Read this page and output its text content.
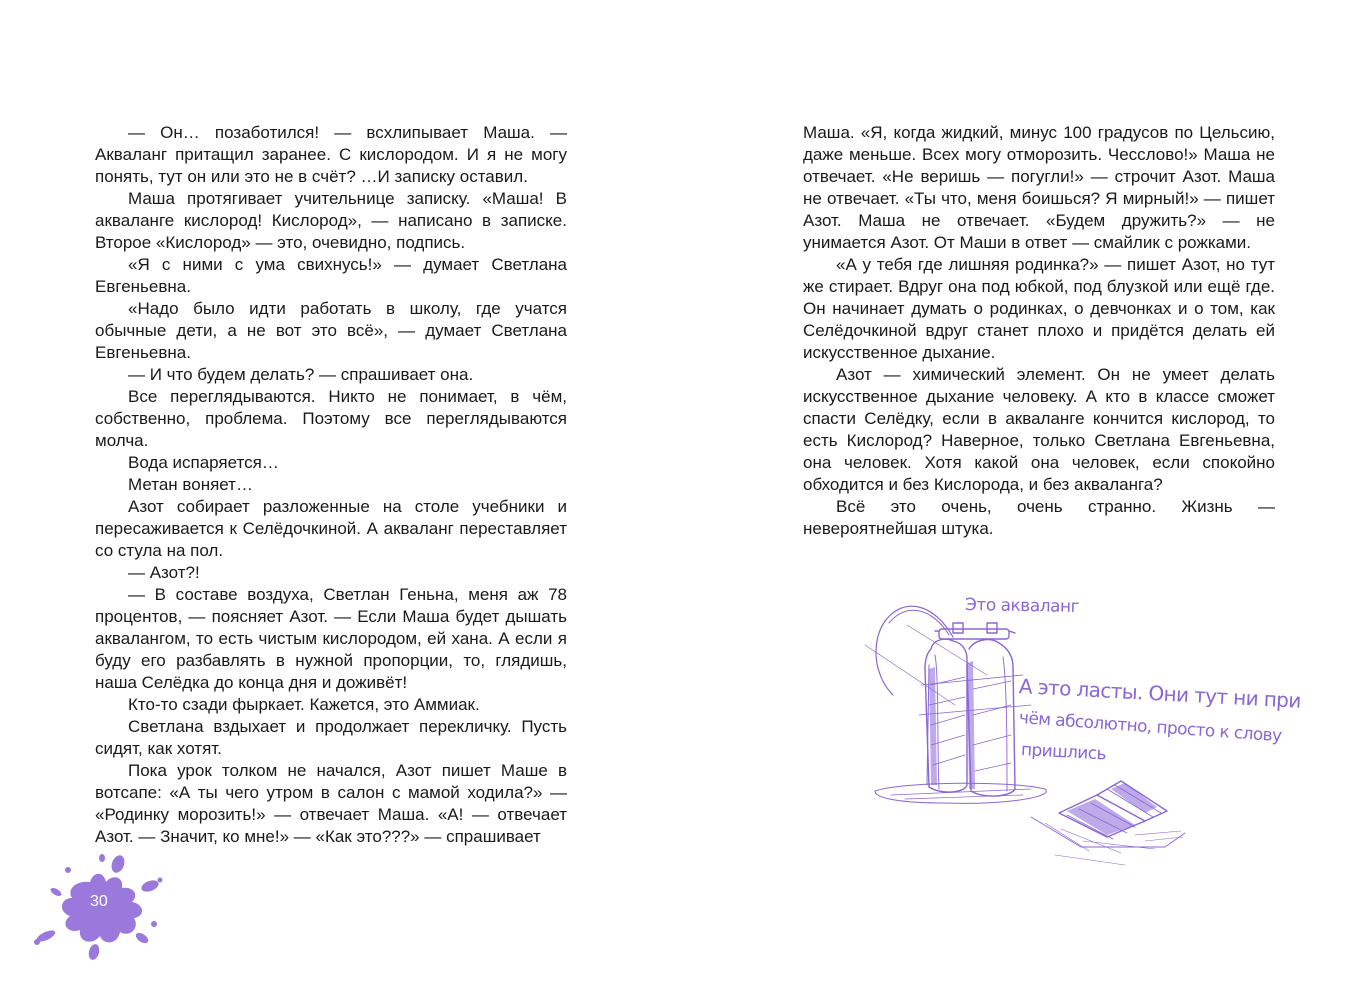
— Он… позаботился! — всхлипывает Маша. — Акваланг притащил заранее. С кислородом. И я не могу понять, тут он или это не в счёт? …И записку оставил.

Маша протягивает учительнице записку. «Маша! В акваланге кислород! Кислород», — написано в записке. Второе «Кислород» — это, очевидно, подпись.

«Я с ними с ума свихнусь!» — думает Светлана Евгеньевна.

«Надо было идти работать в школу, где учатся обычные дети, а не вот это всё», — думает Светлана Евгеньевна.

— И что будем делать? — спрашивает она.

Все переглядываются. Никто не понимает, в чём, собственно, проблема. Поэтому все переглядываются молча.

Вода испаряется…

Метан воняет…

Азот собирает разложенные на столе учебники и пересаживается к Селёдочкиной. А акваланг переставляет со стула на пол.

— Азот?!

— В составе воздуха, Светлан Геньна, меня аж 78 процентов, — поясняет Азот. — Если Маша будет дышать аквалангом, то есть чистым кислородом, ей хана. А если я буду его разбавлять в нужной пропорции, то, глядишь, наша Селёдка до конца дня и доживёт!

Кто-то сзади фыркает. Кажется, это Аммиак.

Светлана вздыхает и продолжает перекличку. Пусть сидят, как хотят.

Пока урок толком не начался, Азот пишет Маше в вотсапе: «А ты чего утром в салон с мамой ходила?» — «Родинку морозить!» — отвечает Маша. «А! — отвечает Азот. — Значит, ко мне!» — «Как это???» — спрашивает

30

Маша. «Я, когда жидкий, минус 100 градусов по Цельсию, даже меньше. Всех могу отморозить. Чесслово!» Маша не отвечает. «Не веришь — погугли!» — строчит Азот. Маша не отвечает. «Ты что, меня боишься? Я мирный!» — пишет Азот. Маша не отвечает. «Будем дружить?» — не унимается Азот. От Маши в ответ — смайлик с рожками.

«А у тебя где лишняя родинка?» — пишет Азот, но тут же стирает. Вдруг она под юбкой, под блузкой или ещё где. Он начинает думать о родинках, о девчонках и о том, как Селёдочкиной вдруг станет плохо и придётся делать ей искусственное дыхание.

Азот — химический элемент. Он не умеет делать искусственное дыхание человеку. А кто в классе сможет спасти Селёдку, если в акваланге кончится кислород, то есть Кислород? Наверное, только Светлана Евгеньевна, она человек. Хотя какой она человек, если спокойно обходится и без Кислорода, и без акваланга?

Всё это очень, очень странно. Жизнь — невероятнейшая штука.

Это акваланг
А это ласты. Они тут ни при
чём абсолютно, просто к слову
пришлись
